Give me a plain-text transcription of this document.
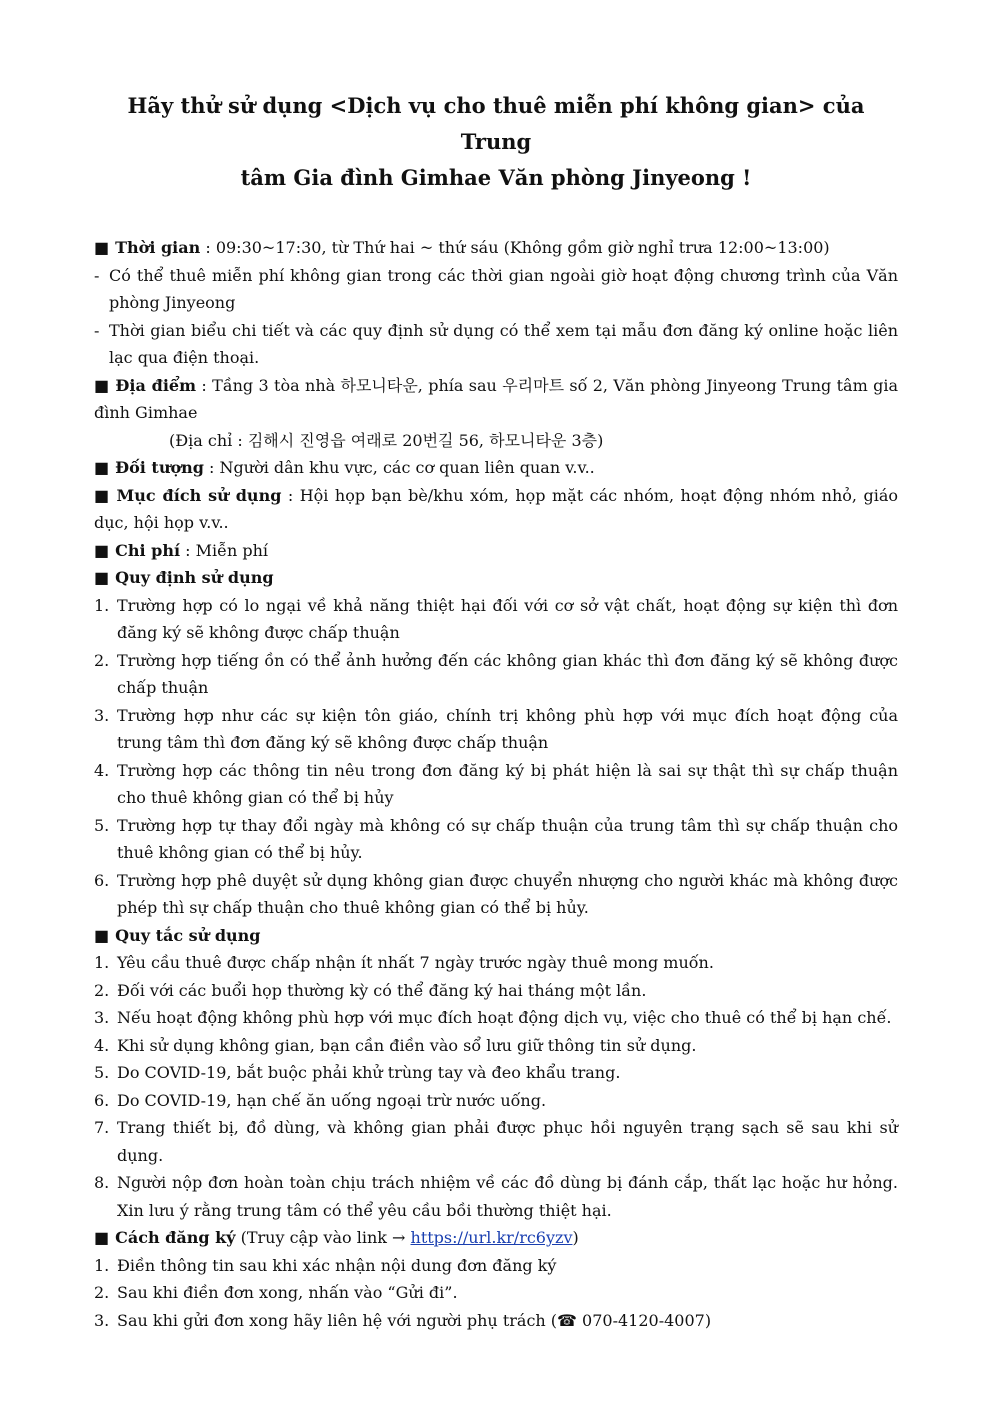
Hãy thử sử dụng <Dịch vụ cho thuê miễn phí không gian> của Trung
tâm Gia đình Gimhae Văn phòng Jinyeong !
■ Thời gian : 09:30~17:30, từ Thứ hai ~ thứ sáu (Không gồm giờ nghỉ trưa 12:00~13:00)
- Có thể thuê miễn phí không gian trong các thời gian ngoài giờ hoạt động chương trình của Văn phòng Jinyeong
- Thời gian biểu chi tiết và các quy định sử dụng có thể xem tại mẫu đơn đăng ký online hoặc liên lạc qua điện thoại.
■ Địa điểm : Tầng 3 tòa nhà 하모니타운, phía sau 우리마트 số 2, Văn phòng Jinyeong Trung tâm gia đình Gimhae
(Địa chỉ : 김해시 진영읍 여래로 20번길 56, 하모니타운 3층)
■ Đối tượng : Người dân khu vực, các cơ quan liên quan v.v..
■ Mục đích sử dụng : Hội họp bạn bè/khu xóm, họp mặt các nhóm, hoạt động nhóm nhỏ, giáo dục, hội họp v.v..
■ Chi phí : Miễn phí
■ Quy định sử dụng
1. Trường hợp có lo ngại về khả năng thiệt hại đối với cơ sở vật chất, hoạt động sự kiện thì đơn đăng ký sẽ không được chấp thuận
2. Trường hợp tiếng ồn có thể ảnh hưởng đến các không gian khác thì đơn đăng ký sẽ không được chấp thuận
3. Trường hợp như các sự kiện tôn giáo, chính trị không phù hợp với mục đích hoạt động của trung tâm thì đơn đăng ký sẽ không được chấp thuận
4. Trường hợp các thông tin nêu trong đơn đăng ký bị phát hiện là sai sự thật thì sự chấp thuận cho thuê không gian có thể bị hủy
5. Trường hợp tự thay đổi ngày mà không có sự chấp thuận của trung tâm thì sự chấp thuận cho thuê không gian có thể bị hủy.
6. Trường hợp phê duyệt sử dụng không gian được chuyển nhượng cho người khác mà không được phép thì sự chấp thuận cho thuê không gian có thể bị hủy.
■ Quy tắc sử dụng
1. Yêu cầu thuê được chấp nhận ít nhất 7 ngày trước ngày thuê mong muốn.
2. Đối với các buổi họp thường kỳ có thể đăng ký hai tháng một lần.
3. Nếu hoạt động không phù hợp với mục đích hoạt động dịch vụ, việc cho thuê có thể bị hạn chế.
4. Khi sử dụng không gian, bạn cần điền vào sổ lưu giữ thông tin sử dụng.
5. Do COVID-19, bắt buộc phải khử trùng tay và đeo khẩu trang.
6. Do COVID-19, hạn chế ăn uống ngoại trừ nước uống.
7. Trang thiết bị, đồ dùng, và không gian phải được phục hồi nguyên trạng sạch sẽ sau khi sử dụng.
8. Người nộp đơn hoàn toàn chịu trách nhiệm về các đồ dùng bị đánh cắp, thất lạc hoặc hư hỏng. Xin lưu ý rằng trung tâm có thể yêu cầu bồi thường thiệt hại.
■ Cách đăng ký (Truy cập vào link → https://url.kr/rc6yzv)
1. Điền thông tin sau khi xác nhận nội dung đơn đăng ký
2. Sau khi điền đơn xong, nhấn vào “Gửi đi”.
3. Sau khi gửi đơn xong hãy liên hệ với người phụ trách (☎ 070-4120-4007)
